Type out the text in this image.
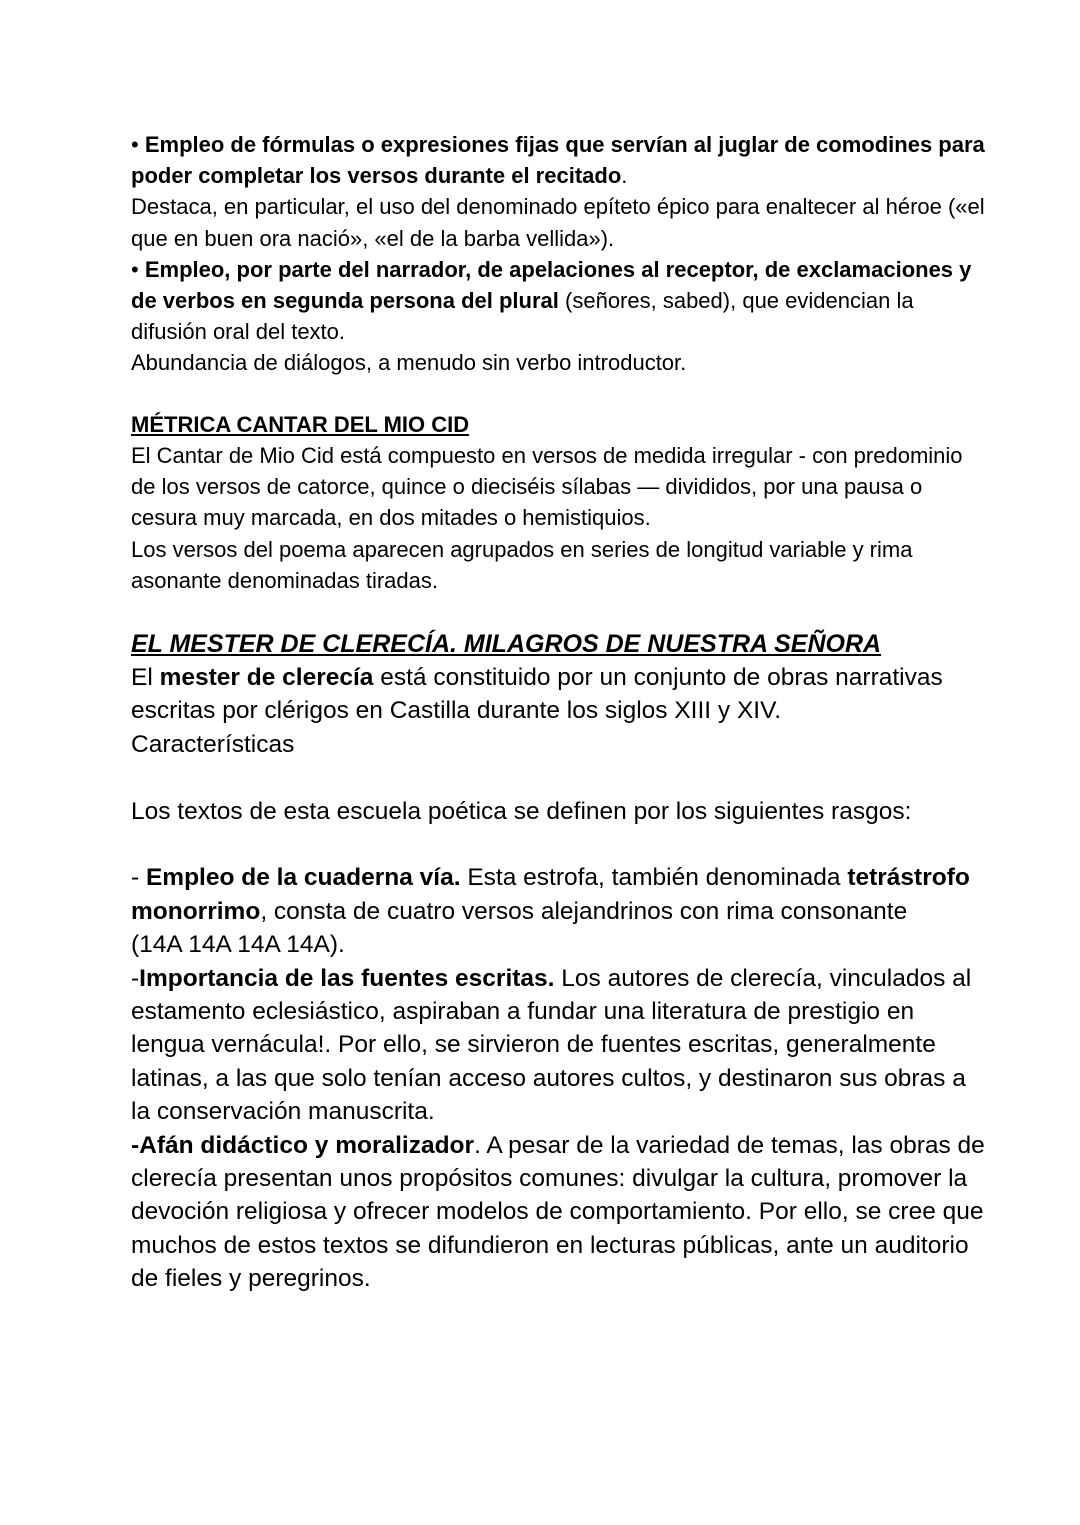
• Empleo de fórmulas o expresiones fijas que servían al juglar de comodines para poder completar los versos durante el recitado.

Destaca, en particular, el uso del denominado epíteto épico para enaltecer al héroe («el que en buen ora nació», «el de la barba vellida»).

• Empleo, por parte del narrador, de apelaciones al receptor, de exclamaciones y de verbos en segunda persona del plural (señores, sabed), que evidencian la difusión oral del texto.

Abundancia de diálogos, a menudo sin verbo introductor.

MÉTRICA CANTAR DEL MIO CID

El Cantar de Mio Cid está compuesto en versos de medida irregular - con predominio de los versos de catorce, quince o dieciséis sílabas — divididos, por una pausa o cesura muy marcada, en dos mitades o hemistiquios.

Los versos del poema aparecen agrupados en series de longitud variable y rima asonante denominadas tiradas.

EL MESTER DE CLERECÍA. MILAGROS DE NUESTRA SEÑORA

El mester de clerecía está constituido por un conjunto de obras narrativas escritas por clérigos en Castilla durante los siglos XIII y XIV.

Características

Los textos de esta escuela poética se definen por los siguientes rasgos:

- Empleo de la cuaderna vía. Esta estrofa, también denominada tetrástrofo monorrimo, consta de cuatro versos alejandrinos con rima consonante

(14A 14A 14A 14A).

-Importancia de las fuentes escritas. Los autores de clerecía, vinculados al estamento eclesiástico, aspiraban a fundar una literatura de prestigio en lengua vernácula!. Por ello, se sirvieron de fuentes escritas, generalmente latinas, a las que solo tenían acceso autores cultos, y destinaron sus obras a la conservación manuscrita.

-Afán didáctico y moralizador. A pesar de la variedad de temas, las obras de clerecía presentan unos propósitos comunes: divulgar la cultura, promover la devoción religiosa y ofrecer modelos de comportamiento. Por ello, se cree que muchos de estos textos se difundieron en lecturas públicas, ante un auditorio de fieles y peregrinos.
